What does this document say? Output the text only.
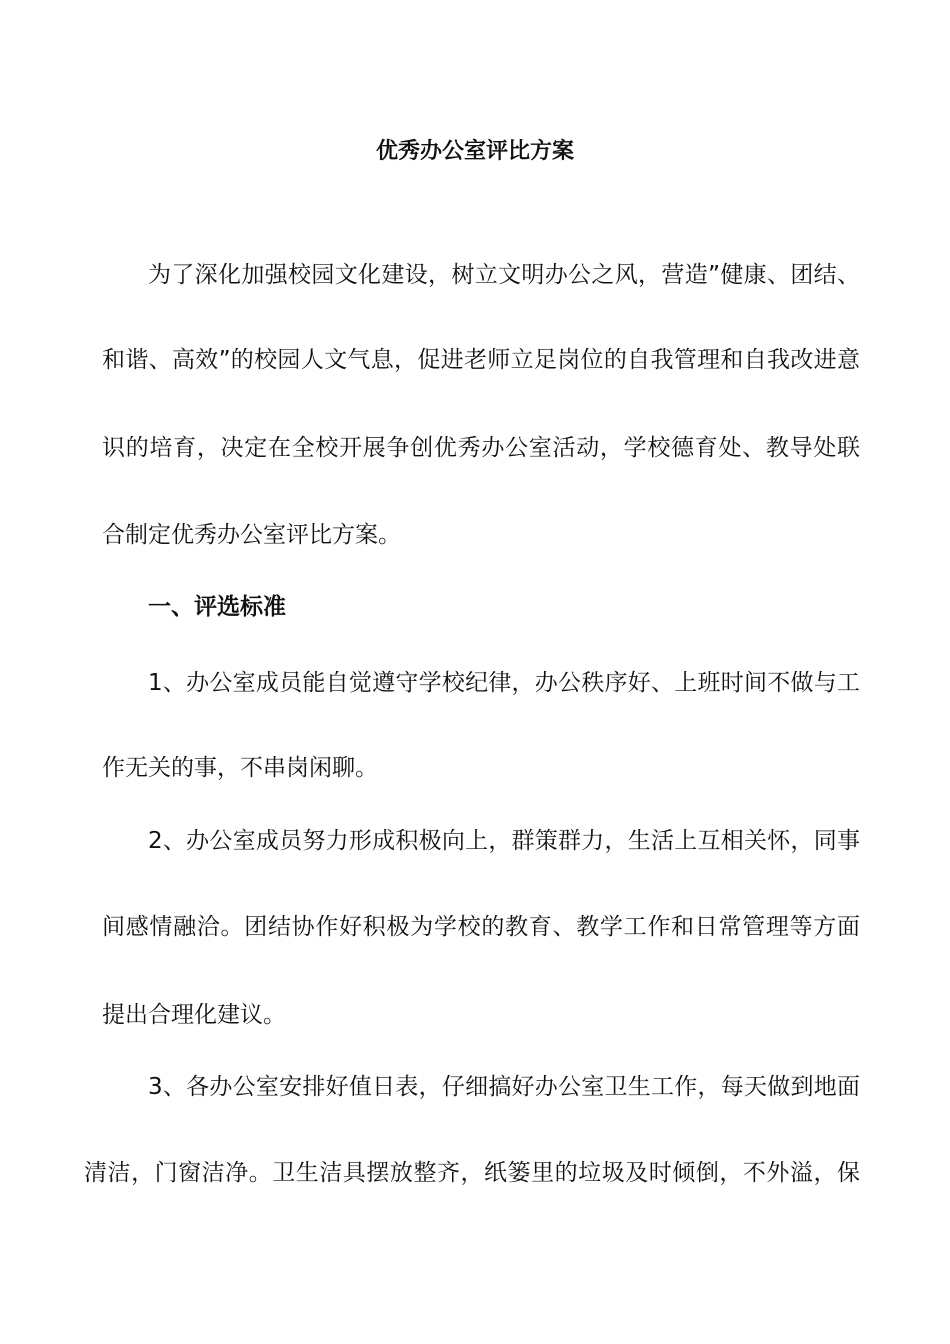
优秀办公室评比方案
为了深化加强校园文化建设，树立文明办公之风，营造”健康、团结、
和谐、高效”的校园人文气息，促进老师立足岗位的自我管理和自我改进意
识的培育，决定在全校开展争创优秀办公室活动，学校德育处、教导处联
合制定优秀办公室评比方案。
一、评选标准
1、办公室成员能自觉遵守学校纪律，办公秩序好、上班时间不做与工
作无关的事，不串岗闲聊。
2、办公室成员努力形成积极向上，群策群力，生活上互相关怀，同事
间感情融洽。团结协作好积极为学校的教育、教学工作和日常管理等方面
提出合理化建议。
3、各办公室安排好值日表，仔细搞好办公室卫生工作，每天做到地面
清洁，门窗洁净。卫生洁具摆放整齐，纸篓里的垃圾及时倾倒，不外溢，保
